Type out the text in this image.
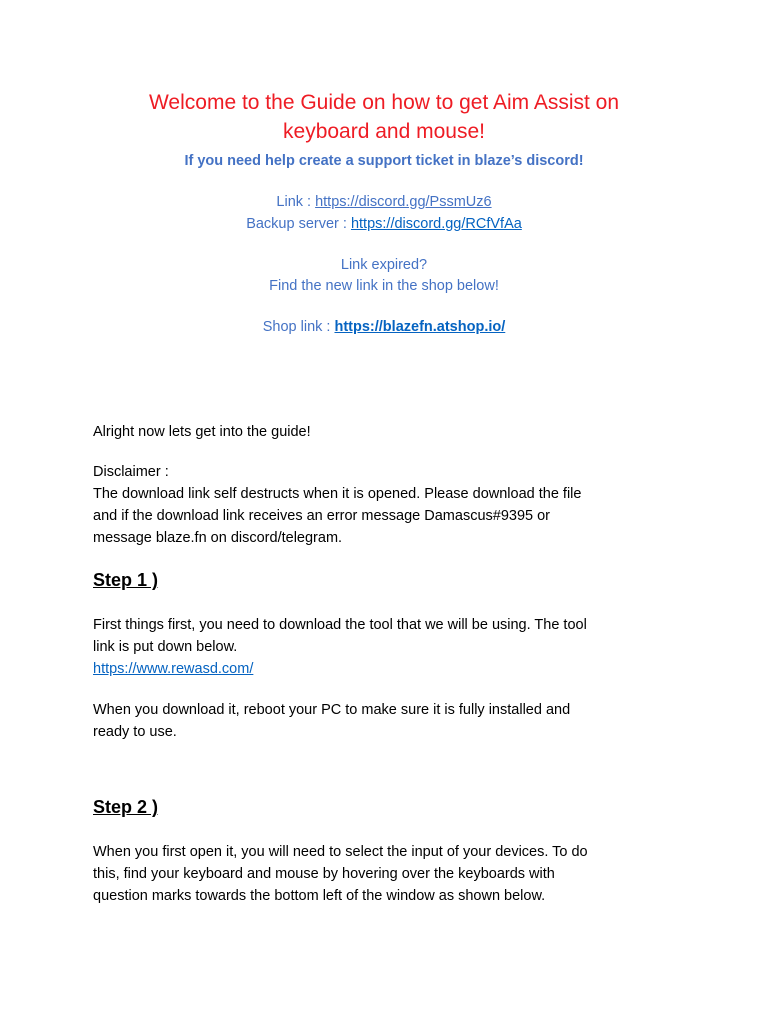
Welcome to the Guide on how to get Aim Assist on
keyboard and mouse!
If you need help create a support ticket in blaze’s discord!
Link : https://discord.gg/PssmUz6
Backup server : https://discord.gg/RCfVfAa
Link expired?
Find the new link in the shop below!
Shop link : https://blazefn.atshop.io/
Alright now lets get into the guide!
Disclaimer :
The download link self destructs when it is opened. Please download the file
and if the download link receives an error message Damascus#9395 or
message blaze.fn on discord/telegram.
Step 1 )
First things first, you need to download the tool that we will be using. The tool
link is put down below.
https://www.rewasd.com/
When you download it, reboot your PC to make sure it is fully installed and
ready to use.
Step 2 )
When you first open it, you will need to select the input of your devices. To do
this, find your keyboard and mouse by hovering over the keyboards with
question marks towards the bottom left of the window as shown below.
